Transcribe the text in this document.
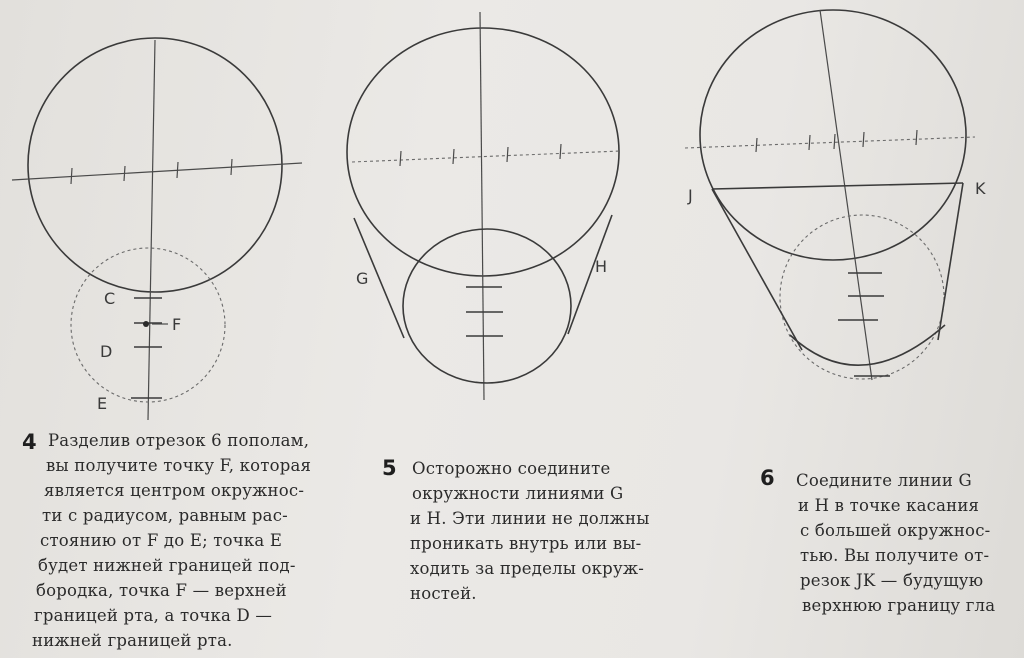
C
F
D
E
G
H
J	K
4 Разделив отрезок 6 пополам,
вы получите точку F, которая
является центром окружнос-
ти с радиусом, равным рас-
стоянию от F до E; точка E
будет нижней границей под-
бородка, точка F — верхней
границей рта, а точка D —
нижней границей рта.
5 Осторожно соедините
окружности линиями G
и H. Эти линии не должны
проникать внутрь или вы-
ходить за пределы окруж-
ностей.
6 Соедините линии G
и H в точке касания
с большей окружнос-
тью. Вы получите от-
резок JK — будущую
верхнюю границу гла
